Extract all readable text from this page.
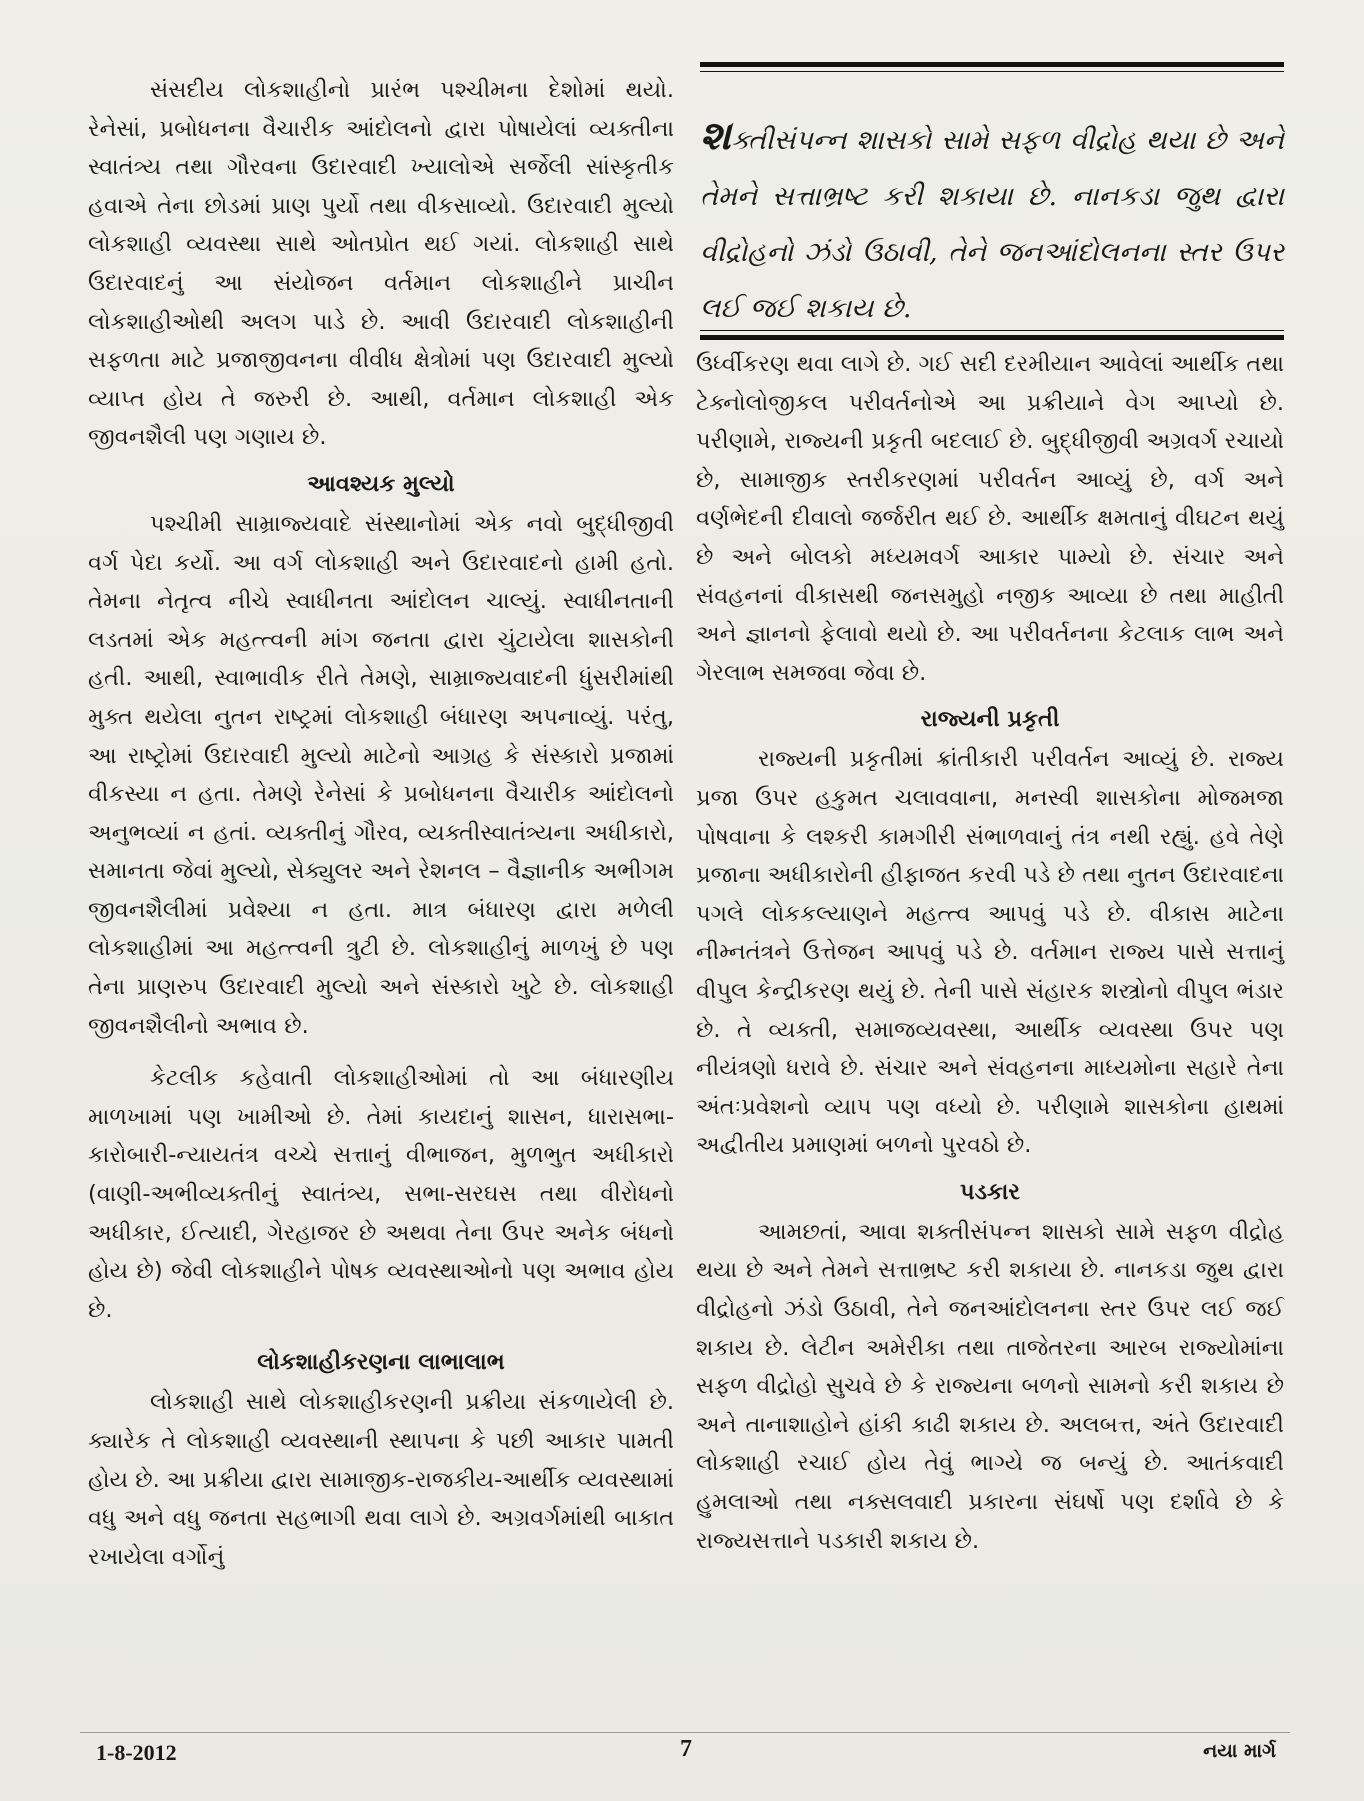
સંસદીય લોકશાહીનો પ્રારંભ પશ્ચીમના દેશોમાં થયો. રેનેસાં, પ્રબોધનના વૈચારીક આંદોલનો દ્વારા પોષાયેલાં વ્યક્તીના સ્વાતંત્ર્ય તથા ગૌરવના ઉદારવાદી ખ્યાલોએ સર્જેલી સાંસ્કૃતીક હવાએ તેના છોડમાં પ્રાણ પુર્યો તથા વીકસાવ્યો. ઉદારવાદી મુલ્યો લોકશાહી વ્યવસ્થા સાથે ઓતપ્રોત થઈ ગયાં. લોકશાહી સાથે ઉદારવાદનું આ સંયોજન વર્તમાન લોકશાહીને પ્રાચીન લોકશાહીઓથી અલગ પાડે છે. આવી ઉદારવાદી લોકશાહીની સફળતા માટે પ્રજાજીવનના વીવીધ ક્ષેત્રોમાં પણ ઉદારવાદી મુલ્યો વ્યાપ્ત હોય તે જરુરી છે. આથી, વર્તમાન લોકશાહી એક જીવનશૈલી પણ ગણાય છે.

આવશ્યક મુલ્યો

પશ્ચીમી સામ્રાજ્યવાદે સંસ્થાનોમાં એક નવો બુદ્ધીજીવી વર્ગ પેદા કર્યો. આ વર્ગ લોકશાહી અને ઉદારવાદનો હામી હતો. તેમના નેતૃત્વ નીચે સ્વાધીનતા આંદોલન ચાલ્યું. સ્વાધીનતાની લડતમાં એક મહત્ત્વની માંગ જનતા દ્વારા ચુંટાયેલા શાસકોની હતી. આથી, સ્વાભાવીક રીતે તેમણે, સામ્રાજ્યવાદની ધુંસરીમાંથી મુક્ત થયેલા નુતન રાષ્ટ્રમાં લોકશાહી બંધારણ અપનાવ્યું. પરંતુ, આ રાષ્ટ્રોમાં ઉદારવાદી મુલ્યો માટેનો આગ્રહ કે સંસ્કારો પ્રજામાં વીકસ્યા ન હતા. તેમણે રેનેસાં કે પ્રબોધનના વૈચારીક આંદોલનો અનુભવ્યાં ન હતાં. વ્યક્તીનું ગૌરવ, વ્યક્તીસ્વાતંત્ર્યના અધીકારો, સમાનતા જેવાં મુલ્યો, સેક્યુલર અને રેશનલ – વૈજ્ઞાનીક અભીગમ જીવનશૈલીમાં પ્રવેશ્યા ન હતા. માત્ર બંધારણ દ્વારા મળેલી લોકશાહીમાં આ મહત્ત્વની ત્રુટી છે. લોકશાહીનું માળખું છે પણ તેના પ્રાણરુપ ઉદારવાદી મુલ્યો અને સંસ્કારો ખુટે છે. લોકશાહી જીવનશૈલીનો અભાવ છે.

કેટલીક કહેવાતી લોકશાહીઓમાં તો આ બંધારણીય માળખામાં પણ ખામીઓ છે. તેમાં કાયદાનું શાસન, ધારાસભા-કારોબારી-ન્યાયતંત્ર વચ્ચે સત્તાનું વીભાજન, મુળભુત અધીકારો (વાણી-અભીવ્યક્તીનું સ્વાતંત્ર્ય, સભા-સરઘસ તથા વીરોધનો અધીકાર, ઈત્યાદી, ગેરહાજર છે અથવા તેના ઉપર અનેક બંધનો હોય છે) જેવી લોકશાહીને પોષક વ્યવસ્થાઓનો પણ અભાવ હોય છે.

લોકશાહીકરણના લાભાલાભ

લોકશાહી સાથે લોકશાહીકરણની પ્રક્રીયા સંકળાયેલી છે. ક્યારેક તે લોકશાહી વ્યવસ્થાની સ્થાપના કે પછી આકાર પામતી હોય છે. આ પ્રક્રીયા દ્વારા સામાજીક-રાજકીય-આર્થીક વ્યવસ્થામાં વધુ અને વધુ જનતા સહભાગી થવા લાગે છે. અગ્રવર્ગમાંથી બાકાત રખાયેલા વર્ગોનું

શક્તીસંપન્ન શાસકો સામે સફળ વીદ્રોહ થયા છે અને તેમને સત્તાભ્રષ્ટ કરી શકાયા છે. નાનકડા જુથ દ્વારા વીદ્રોહનો ઝંડો ઉઠાવી, તેને જનઆંદોલનના સ્તર ઉપર લઈ જઈ શકાય છે.

ઉર્ધ્વીકરણ થવા લાગે છે. ગઈ સદી દરમીયાન આવેલાં આર્થીક તથા ટેક્નોલોજીકલ પરીવર્તનોએ આ પ્રક્રીયાને વેગ આપ્યો છે. પરીણામે, રાજ્યની પ્રકૃતી બદલાઈ છે. બુદ્ધીજીવી અગ્રવર્ગ રચાયો છે, સામાજીક સ્તરીકરણમાં પરીવર્તન આવ્યું છે, વર્ગ અને વર્ણભેદની દીવાલો જર્જરીત થઈ છે. આર્થીક ક્ષમતાનું વીઘટન થયું છે અને બોલકો મધ્યમવર્ગ આકાર પામ્યો છે. સંચાર અને સંવહનનાં વીકાસથી જનસમુહો નજીક આવ્યા છે તથા માહીતી અને જ્ઞાનનો ફેલાવો થયો છે. આ પરીવર્તનના કેટલાક લાભ અને ગેરલાભ સમજવા જેવા છે.

રાજ્યની પ્રકૃતી

રાજ્યની પ્રકૃતીમાં ક્રાંતીકારી પરીવર્તન આવ્યું છે. રાજ્ય પ્રજા ઉપર હકુમત ચલાવવાના, મનસ્વી શાસકોના મોજમજા પોષવાના કે લશ્કરી કામગીરી સંભાળવાનું તંત્ર નથી રહ્યું. હવે તેણે પ્રજાના અધીકારોની હીફાજત કરવી પડે છે તથા નુતન ઉદારવાદના પગલે લોકકલ્યાણને મહત્ત્વ આપવું પડે છે. વીકાસ માટેના નીમ્નતંત્રને ઉત્તેજન આપવું પડે છે. વર્તમાન રાજ્ય પાસે સત્તાનું વીપુલ કેન્દ્રીકરણ થયું છે. તેની પાસે સંહારક શસ્ત્રોનો વીપુલ ભંડાર છે. તે વ્યક્તી, સમાજવ્યવસ્થા, આર્થીક વ્યવસ્થા ઉપર પણ નીયંત્રણો ધરાવે છે. સંચાર અને સંવહનના માધ્યમોના સહારે તેના અંતઃપ્રવેશનો વ્યાપ પણ વધ્યો છે. પરીણામે શાસકોના હાથમાં અદ્વીતીય પ્રમાણમાં બળનો પુરવઠો છે.

પડકાર

આમછતાં, આવા શક્તીસંપન્ન શાસકો સામે સફળ વીદ્રોહ થયા છે અને તેમને સત્તાભ્રષ્ટ કરી શકાયા છે. નાનકડા જુથ દ્વારા વીદ્રોહનો ઝંડો ઉઠાવી, તેને જનઆંદોલનના સ્તર ઉપર લઈ જઈ શકાય છે. લેટીન અમેરીકા તથા તાજેતરના આરબ રાજ્યોમાંના સફળ વીદ્રોહો સુચવે છે કે રાજ્યના બળનો સામનો કરી શકાય છે અને તાનાશાહોને હાંકી કાઢી શકાય છે. અલબત્ત, અંતે ઉદારવાદી લોકશાહી રચાઈ હોય તેવું ભાગ્યે જ બન્યું છે. આતંકવાદી હુમલાઓ તથા નક્સલવાદી પ્રકારના સંઘર્ષો પણ દર્શાવે છે કે રાજ્યસત્તાને પડકારી શકાય છે.

1-8-2012	7	નયા માર્ગ
